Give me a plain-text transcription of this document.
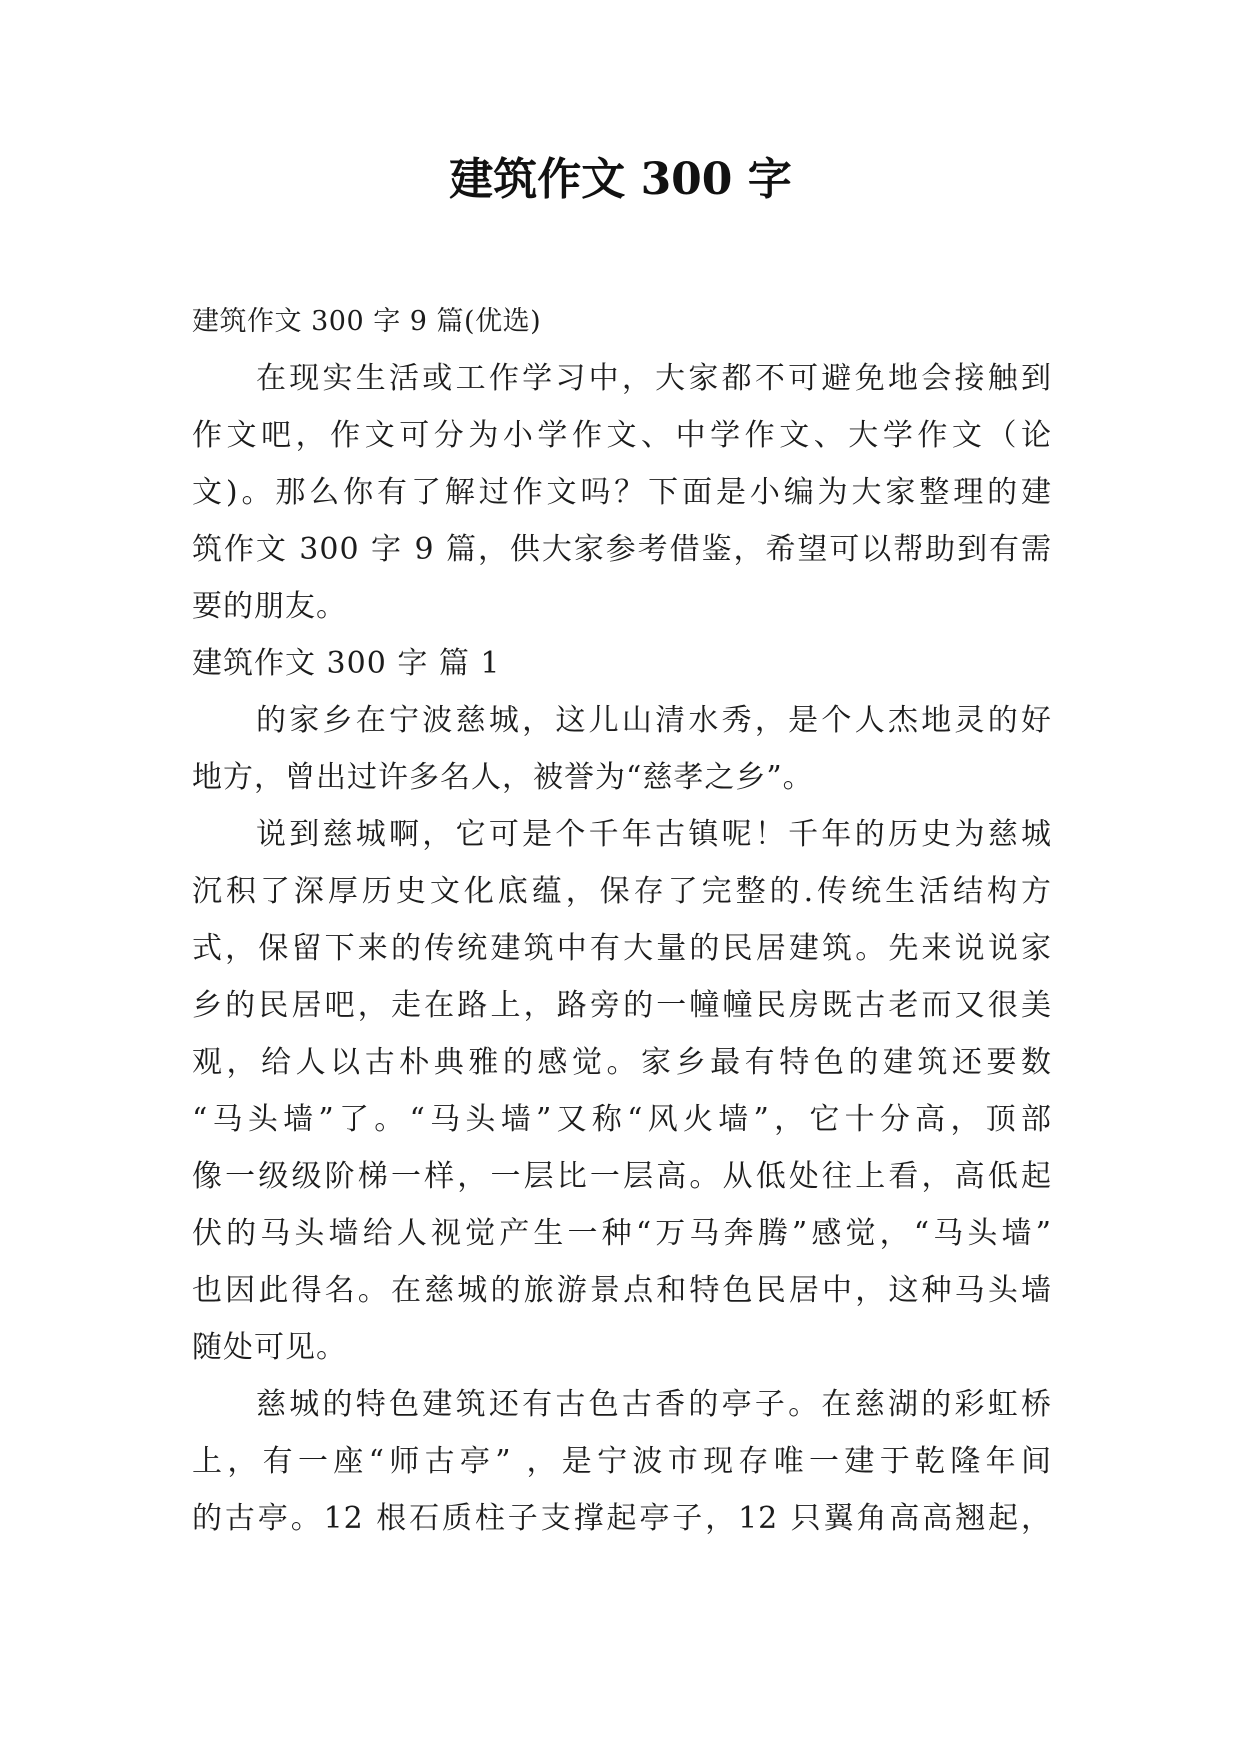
建筑作文 300 字
建筑作文 300 字 9 篇(优选)
在现实生活或工作学习中，大家都不可避免地会接触到
作文吧，作文可分为小学作文、中学作文、大学作文（论
文)。那么你有了解过作文吗？下面是小编为大家整理的建
筑作文 300 字 9 篇，供大家参考借鉴，希望可以帮助到有需
要的朋友。
建筑作文 300 字 篇 1
的家乡在宁波慈城，这儿山清水秀，是个人杰地灵的好
地方，曾出过许多名人，被誉为“慈孝之乡”。
说到慈城啊，它可是个千年古镇呢！千年的历史为慈城
沉积了深厚历史文化底蕴，保存了完整的.传统生活结构方
式，保留下来的传统建筑中有大量的民居建筑。先来说说家
乡的民居吧，走在路上，路旁的一幢幢民房既古老而又很美
观，给人以古朴典雅的感觉。家乡最有特色的建筑还要数
“马头墙”了。“马头墙”又称“风火墙”，它十分高，顶部
像一级级阶梯一样，一层比一层高。从低处往上看，高低起
伏的马头墙给人视觉产生一种“万马奔腾”感觉，“马头墙”
也因此得名。在慈城的旅游景点和特色民居中，这种马头墙
随处可见。
慈城的特色建筑还有古色古香的亭子。在慈湖的彩虹桥
上，有一座“师古亭” ，是宁波市现存唯一建于乾隆年间
的古亭。12 根石质柱子支撑起亭子，12 只翼角高高翘起，
